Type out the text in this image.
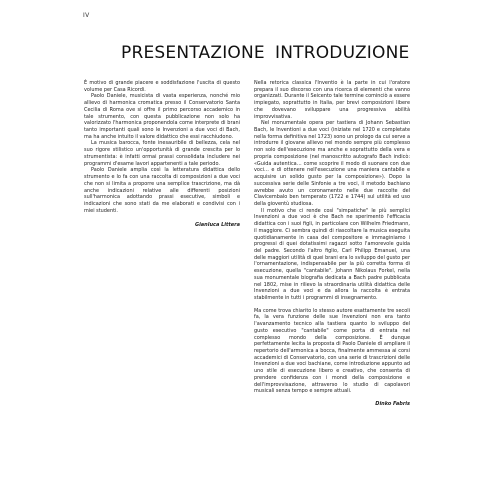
IV
PRESENTAZIONE INTRODUZIONE

È motivo di grande piacere e soddisfazione l'uscita di questo volume per Casa Ricordi.

Paolo Daniele, musicista di vasta esperienza, nonché mio allievo di harmonica cromatica presso il Conservatorio Santa Cecilia di Roma ove si offre il primo percorso accademico in tale strumento, con questa pubblicazione non solo ha valorizzato l'harmonica proponendola come interprete di brani tanto importanti quali sono le Invenzioni a due voci di Bach, ma ha anche intuito il valore didattico che essi racchiudono.

La musica barocca, fonte inesauribile di bellezza, cela nel suo rigore stilistico un'opportunità di grande crescita per lo strumentista: è infatti ormai prassi consolidata includere nei programmi d'esame lavori appartenenti a tale periodo.

Paolo Daniele amplia così la letteratura didattica dello strumento e lo fa con una raccolta di composizioni a due voci che non si limita a proporre una semplice trascrizione, ma dà anche indicazioni relative alle differenti posizioni sull'harmonica adottando prassi esecutive, simboli e indicazioni che sono stati da me elaborati e condivisi con i miei studenti.

Gianluca Littera

Nella retorica classica l'Inventio è la parte in cui l'oratore prepara il suo discorso con una ricerca di elementi che vanno organizzati. Durante il Seicento tale termine cominciò a essere impiegato, soprattutto in Italia, per brevi composizioni libere che dovevano sviluppare una progressiva abilità improvvisativa.

Nel monumentale opera per tastiera di Johann Sebastian Bach, le Inventioni a due voci (iniziate nel 1720 e completate nella forma definitiva nel 1723) sono un prologo da cui serve a introdurre il giovane allievo nel mondo sempre più complesso non solo dell'esecuzione ma anche e soprattutto della vera e propria composizione (nel manoscritto autografo Bach indicò: «Guida autentica… come scoprire il modo di suonare con due voci… e di ottenere nell'esecuzione una maniera cantabile e acquisire un solido gusto per la composizione»). Dopo la successiva serie delle Sinfonie a tre voci, il metodo bachiano avrebbe avuto un coronamento nelle due raccolte del Clavicembalo ben temperato (1722 e 1744) sul utilità ed uso della gioventù studiosa.

Il motivo che ci rende così "simpatiche" le più semplici Invenzioni a due voci è che Bach ne sperimentò l'efficacia didattica con i suoi figli, in particolare con Wilhelm Friedmann, il maggiore. Ci sembra quindi di riascoltare la musica eseguita quotidianamente in casa del compositore e immaginiamo i progressi di quei dotatissimi ragazzi sotto l'amorevole guida del padre. Secondo l'altro figlio, Carl Philipp Emanuel, una delle maggiori utilità di quei brani era lo sviluppo del gusto per l'ornamentazione, indispensabile per la più corretta forma di esecuzione, quella "cantabile". Johann Nikolaus Forkel, nella sua monumentale biografia dedicata a Bach padre pubblicata nel 1802, mise in rilievo la straordinaria utilità didattica delle Invenzioni a due voci e da allora la raccolta è entrata stabilmente in tutti i programmi di insegnamento.

Ma come trova chiarito lo stesso autore esattamente tre secoli fa, la vera funzione delle sue Invenzioni non era tanto l'avanzamento tecnico alla tastiera quanto lo sviluppo del gusto esecutivo "cantabile" come porta di entrata nel complesso mondo della composizione. È dunque perfettamente lecita la proposta di Paolo Daniele di ampliare il repertorio dell'armonica a bocca, finalmente ammessa ai corsi accademici di Conservatorio, con una serie di trascrizioni delle Invenzioni a due voci bachiane, come introduzione appunto ad uno stile di esecuzione libero e creativo, che consenta di prendere confidenza con i mondi della composizione e dell'improvvisazione, attraverso lo studio di capolavori musicali senza tempo e sempre attuali.

Dinko Fabris
